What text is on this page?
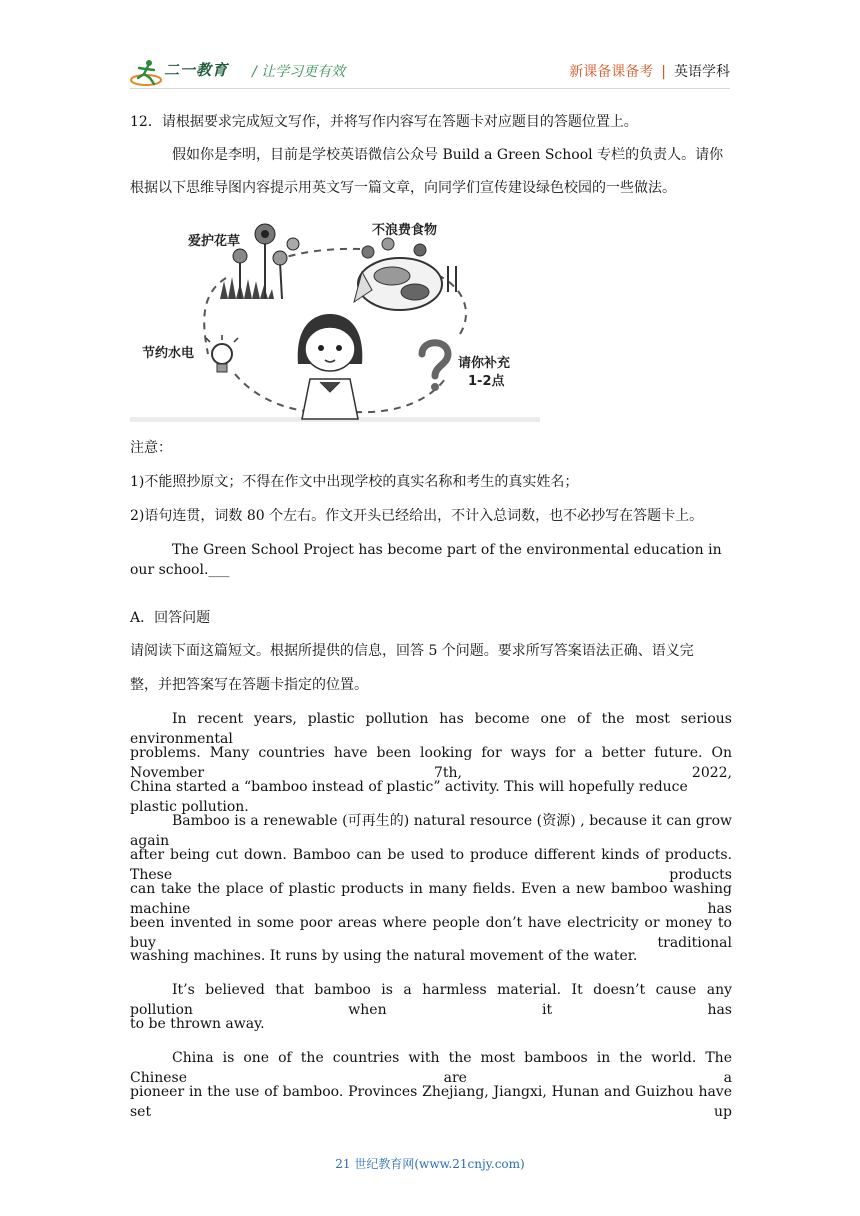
二一教育 / 让学习更有效	新课备课备考 | 英语学科
12．请根据要求完成短文写作，并将写作内容写在答题卡对应题目的答题位置上。
假如你是李明，目前是学校英语微信公众号 Build a Green School 专栏的负责人。请你
根据以下思维导图内容提示用英文写一篇文章，向同学们宣传建设绿色校园的一些做法。
爱护花草
不浪费食物
节约水电
请你补充
1-2点
注意：
1)不能照抄原文；不得在作文中出现学校的真实名称和考生的真实姓名；
2)语句连贯，词数 80 个左右。作文开头已经给出，不计入总词数，也不必抄写在答题卡上。
The Green School Project has become part of the environmental education in our school.___
A．回答问题
请阅读下面这篇短文。根据所提供的信息，回答 5 个问题。要求所写答案语法正确、语义完
整，并把答案写在答题卡指定的位置。
In recent years, plastic pollution has become one of the most serious environmental
problems. Many countries have been looking for ways for a better future. On November 7th, 2022,
China started a “bamboo instead of plastic” activity. This will hopefully reduce plastic pollution.
Bamboo is a renewable (可再生的) natural resource (资源) , because it can grow again
after being cut down. Bamboo can be used to produce different kinds of products. These products
can take the place of plastic products in many fields. Even a new bamboo washing machine has
been invented in some poor areas where people don’t have electricity or money to buy traditional
washing machines. It runs by using the natural movement of the water.
It’s believed that bamboo is a harmless material. It doesn’t cause any pollution when it has
to be thrown away.
China is one of the countries with the most bamboos in the world. The Chinese are a
pioneer in the use of bamboo. Provinces Zhejiang, Jiangxi, Hunan and Guizhou have set up
21 世纪教育网(www.21cnjy.com)
